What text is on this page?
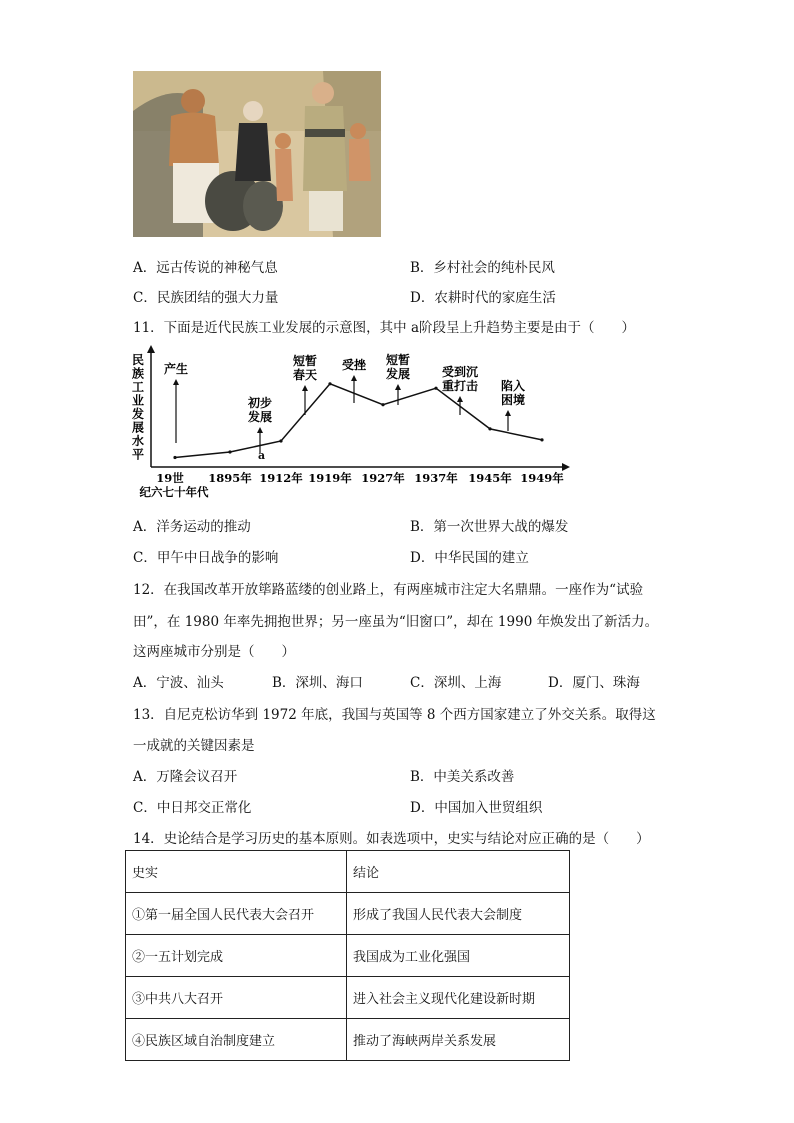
A．远古传说的神秘气息	B．乡村社会的纯朴民风
C．民族团结的强大力量	D．农耕时代的家庭生活
11．下面是近代民族工业发展的示意图，其中 a阶段呈上升趋势主要是由于（　　）
民
族
工
业
发
展
水
平
19世
纪六七十年代
1895年 1912年 1919年 1927年 1937年 1945年 1949年
产生
初步
发展
短暂
春天
受挫 短暂
发展	受到沉
重打击 陷入
困境
a
A．洋务运动的推动	B．第一次世界大战的爆发
C．甲午中日战争的影响	D．中华民国的建立
12．在我国改革开放筚路蓝缕的创业路上，有两座城市注定大名鼎鼎。一座作为“试验
田”，在 1980 年率先拥抱世界；另一座虽为“旧窗口”，却在 1990 年焕发出了新活力。
这两座城市分别是（　　）
A．宁波、汕头	B．深圳、海口	C．深圳、上海	D．厦门、珠海
13．自尼克松访华到 1972 年底，我国与英国等 8 个西方国家建立了外交关系。取得这
一成就的关键因素是
A．万隆会议召开	B．中美关系改善
C．中日邦交正常化	D．中国加入世贸组织
14．史论结合是学习历史的基本原则。如表选项中，史实与结论对应正确的是（　　）
史实	结论
①第一届全国人民代表大会召开	形成了我国人民代表大会制度
②一五计划完成	我国成为工业化强国
③中共八大召开	进入社会主义现代化建设新时期
④民族区域自治制度建立	推动了海峡两岸关系发展
